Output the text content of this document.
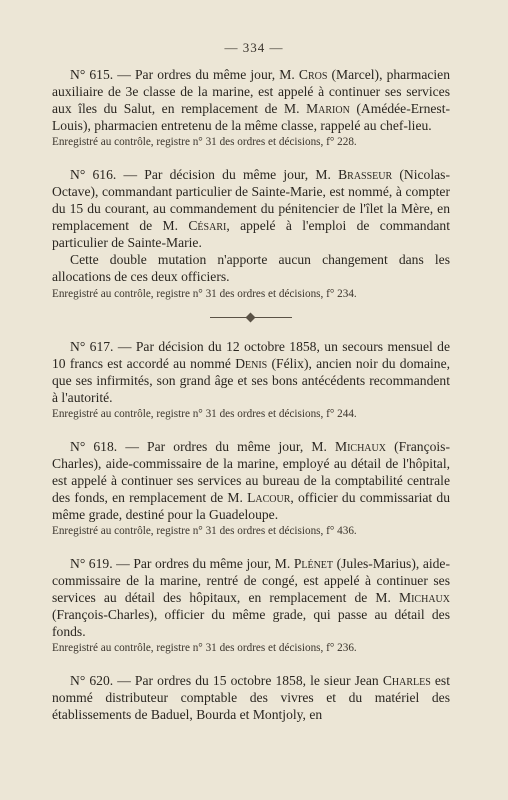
— 334 —

N° 615. — Par ordres du même jour, M. Cros (Marcel), pharmacien auxiliaire de 3e classe de la marine, est appelé à continuer ses services aux îles du Salut, en remplacement de M. Marion (Amédée-Ernest-Louis), pharmacien entretenu de la même classe, rappelé au chef-lieu.

Enregistré au contrôle, registre n° 31 des ordres et décisions, f° 228.

N° 616. — Par décision du même jour, M. Brasseur (Nicolas-Octave), commandant particulier de Sainte-Marie, est nommé, à compter du 15 du courant, au commandement du pénitencier de l'îlet la Mère, en remplacement de M. Césari, appelé à l'emploi de commandant particulier de Sainte-Marie.

Cette double mutation n'apporte aucun changement dans les allocations de ces deux officiers.

Enregistré au contrôle, registre n° 31 des ordres et décisions, f° 234.

N° 617. — Par décision du 12 octobre 1858, un secours mensuel de 10 francs est accordé au nommé Denis (Félix), ancien noir du domaine, que ses infirmités, son grand âge et ses bons antécédents recommandent à l'autorité.

Enregistré au contrôle, registre n° 31 des ordres et décisions, f° 244.

N° 618. — Par ordres du même jour, M. Michaux (François-Charles), aide-commissaire de la marine, employé au détail de l'hôpital, est appelé à continuer ses services au bureau de la comptabilité centrale des fonds, en remplacement de M. Lacour, officier du commissariat du même grade, destiné pour la Guadeloupe.

Enregistré au contrôle, registre n° 31 des ordres et décisions, f° 436.

N° 619. — Par ordres du même jour, M. Plénet (Jules-Marius), aide-commissaire de la marine, rentré de congé, est appelé à continuer ses services au détail des hôpitaux, en remplacement de M. Michaux (François-Charles), officier du même grade, qui passe au détail des fonds.

Enregistré au contrôle, registre n° 31 des ordres et décisions, f° 236.

N° 620. — Par ordres du 15 octobre 1858, le sieur Jean Charles est nommé distributeur comptable des vivres et du matériel des établissements de Baduel, Bourda et Montjoly, en
